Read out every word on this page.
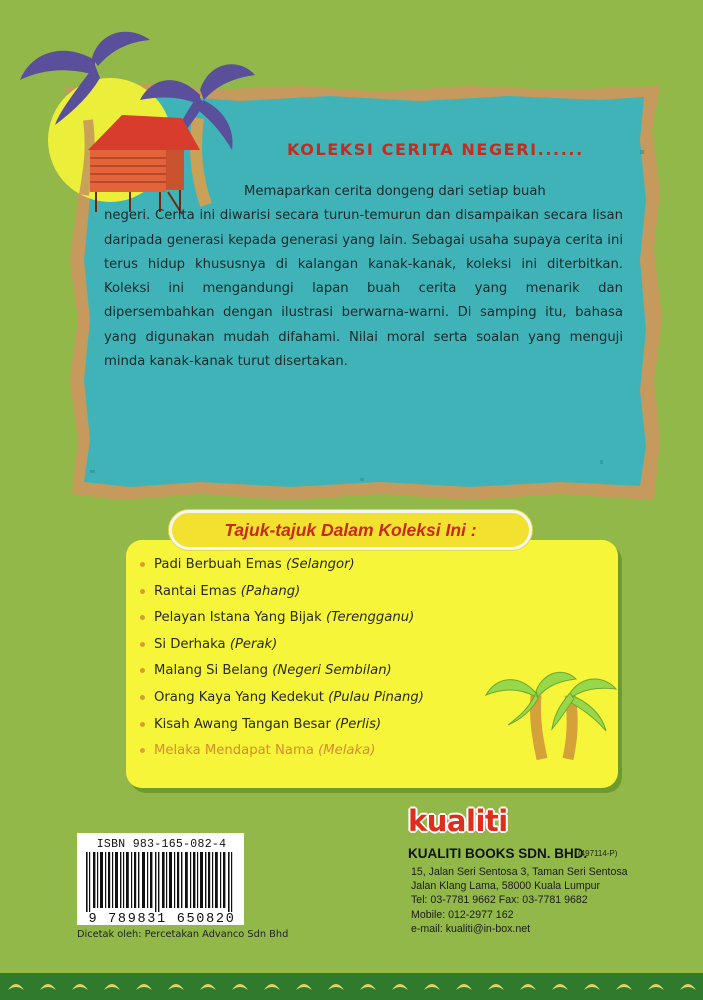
KOLEKSI CERITA NEGERI......
Memaparkan cerita dongeng dari setiap buah
negeri. Cerita ini diwarisi secara turun-temurun dan disampaikan secara lisan daripada generasi kepada generasi yang lain. Sebagai usaha supaya cerita ini terus hidup khususnya di kalangan kanak-kanak, koleksi ini diterbitkan. Koleksi ini mengandungi lapan buah cerita yang menarik dan dipersembahkan dengan ilustrasi berwarna-warni. Di samping itu, bahasa yang digunakan mudah difahami. Nilai moral serta soalan yang menguji minda kanak-kanak turut disertakan.
Tajuk-tajuk Dalam Koleksi Ini :
Padi Berbuah Emas (Selangor)
Rantai Emas (Pahang)
Pelayan Istana Yang Bijak (Terengganu)
Si Derhaka (Perak)
Malang Si Belang (Negeri Sembilan)
Orang Kaya Yang Kedekut (Pulau Pinang)
Kisah Awang Tangan Besar (Perlis)
Melaka Mendapat Nama (Melaka)
ISBN 983-165-082-4
9 789831 650820
Dicetak oleh: Percetakan Advanco Sdn Bhd
kualiti
KUALITI BOOKS SDN. BHD.
(497114-P)
15, Jalan Seri Sentosa 3, Taman Seri Sentosa
Jalan Klang Lama, 58000 Kuala Lumpur
Tel: 03-7781 9662 Fax: 03-7781 9682
Mobile: 012-2977 162
e-mail: kualiti@in-box.net
